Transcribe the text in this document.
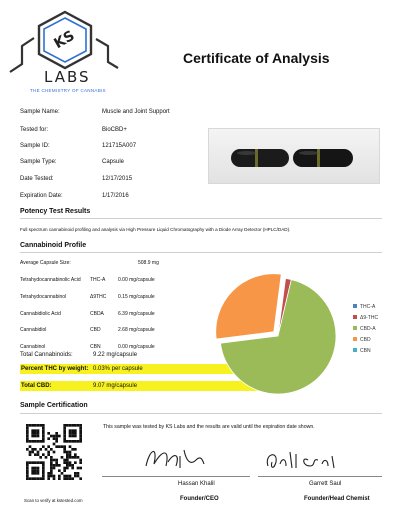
KS
LABS
THE CHEMISTRY OF CANNABIS
Certificate of Analysis
Sample Name:	Muscle and Joint Support
Tested for:	BioCBD+
Sample ID:	121715A007
Sample Type:	Capsule
Date Tested:	12/17/2015
Expiration Date:	1/17/2016
Potency Test Results
Full spectrum cannabinoid profiling and analysis via High Pressure Liquid Chromatography with a Diode Array Detector (HPLC/DAD).
Cannabinoid Profile
Average Capsule Size:	508.9 mg
Tetrahydocannabinolic Acid THC-A	0.00 mg/capsule
Tetrahydocannabinol	Δ9THC 0.15 mg/capsule
Cannabidiolic Acid	CBDA	6.39 mg/capsule
Cannabidiol	CBD	2.68 mg/capsule
Cannabinol	CBN	0.00 mg/capsule
Total Cannabinoids:	9.22 mg/capsule
Percent THC by weight: 0.03% per capsule
Total CBD:	9.07 mg/capsule
THC-A
Δ9-THC
CBD-A
CBD
CBN
Sample Certification
Scan to verify at kstested.com
This sample was tested by KS Labs and the results are valid until the expiration date shown.
Hassan Khalil	Garrett Saul
Founder/CEO	Founder/Head Chemist
